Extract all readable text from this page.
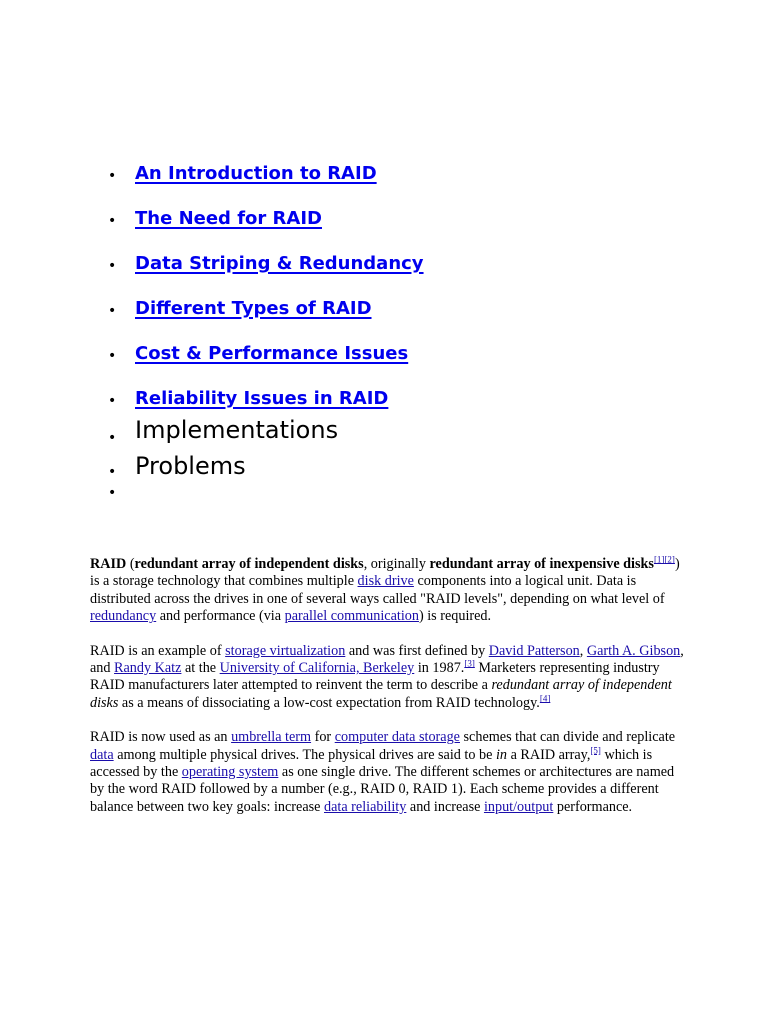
• An Introduction to RAID
• The Need for RAID
• Data Striping & Redundancy
• Different Types of RAID
• Cost & Performance Issues
• Reliability Issues in RAID
• Implementations
• Problems
•

RAID (redundant array of independent disks, originally redundant array of inexpensive disks[1][2]) is a storage technology that combines multiple disk drive components into a logical unit. Data is distributed across the drives in one of several ways called "RAID levels", depending on what level of redundancy and performance (via parallel communication) is required.

RAID is an example of storage virtualization and was first defined by David Patterson, Garth A. Gibson, and Randy Katz at the University of California, Berkeley in 1987.[3] Marketers representing industry RAID manufacturers later attempted to reinvent the term to describe a redundant array of independent disks as a means of dissociating a low-cost expectation from RAID technology.[4]

RAID is now used as an umbrella term for computer data storage schemes that can divide and replicate data among multiple physical drives. The physical drives are said to be in a RAID array,[5] which is accessed by the operating system as one single drive. The different schemes or architectures are named by the word RAID followed by a number (e.g., RAID 0, RAID 1). Each scheme provides a different balance between two key goals: increase data reliability and increase input/output performance.
